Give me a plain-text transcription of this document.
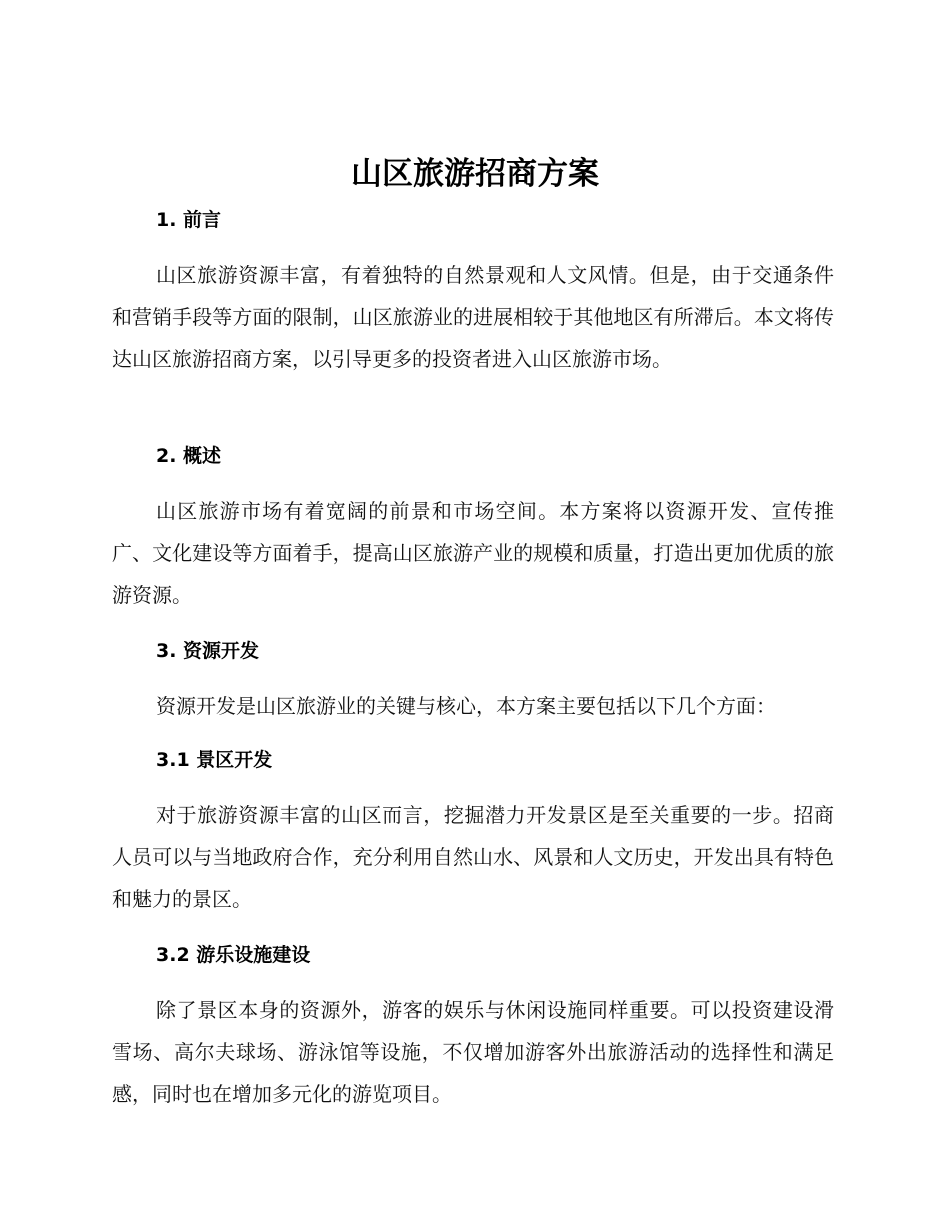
山区旅游招商方案
1. 前言

山区旅游资源丰富，有着独特的自然景观和人文风情。但是，由于交通条件和营销手段等方面的限制，山区旅游业的进展相较于其他地区有所滞后。本文将传达山区旅游招商方案，以引导更多的投资者进入山区旅游市场。

2. 概述

山区旅游市场有着宽阔的前景和市场空间。本方案将以资源开发、宣传推广、文化建设等方面着手，提高山区旅游产业的规模和质量，打造出更加优质的旅游资源。

3. 资源开发

资源开发是山区旅游业的关键与核心，本方案主要包括以下几个方面：

3.1 景区开发

对于旅游资源丰富的山区而言，挖掘潜力开发景区是至关重要的一步。招商人员可以与当地政府合作，充分利用自然山水、风景和人文历史，开发出具有特色和魅力的景区。

3.2 游乐设施建设

除了景区本身的资源外，游客的娱乐与休闲设施同样重要。可以投资建设滑雪场、高尔夫球场、游泳馆等设施，不仅增加游客外出旅游活动的选择性和满足感，同时也在增加多元化的游览项目。
